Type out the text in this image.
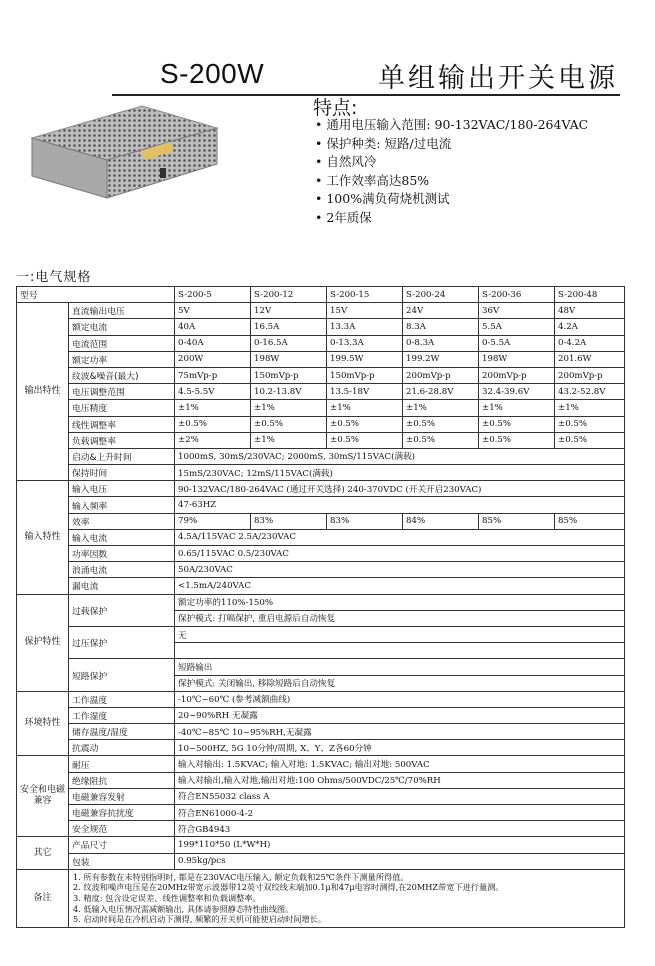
S-200W	单组输出开关电源
特点:
• 通用电压输入范围: 90-132VAC/180-264VAC
• 保护种类: 短路/过电流
• 自然风冷
• 工作效率高达85%
• 100%满负荷烧机测试
• 2年质保
一:电气规格
型号		S-200-5	S-200-12	S-200-15	S-200-24	S-200-36	S-200-48
输出特性	直流输出电压	5V	12V	15V	24V	36V	48V
	额定电流	40A	16.5A	13.3A	8.3A	5.5A	4.2A
	电流范围	0-40A	0-16.5A	0-13.3A	0-8.3A	0-5.5A	0-4.2A
	额定功率	200W	198W	199.5W	199.2W	198W	201.6W
	纹波&噪音(最大)	75mVp-p	150mVp-p	150mVp-p	200mVp-p	200mVp-p	200mVp-p
	电压调整范围	4.5-5.5V	10.2-13.8V	13.5-18V	21.6-28.8V	32.4-39.6V	43.2-52.8V
	电压精度	±1%	±1%	±1%	±1%	±1%	±1%
	线性调整率	±0.5%	±0.5%	±0.5%	±0.5%	±0.5%	±0.5%
	负载调整率	±2%	±1%	±0.5%	±0.5%	±0.5%	±0.5%
	启动&上升时间	1000mS, 30mS/230VAC; 2000mS, 30mS/115VAC(满载)					
	保持时间	15mS/230VAC; 12mS/115VAC(满载)					
输入特性	输入电压	90-132VAC/180-264VAC (通过开关选择) 240-370VDC (开关开启230VAC)					
	输入频率	47-63HZ					
	效率	79%	83%	83%	84%	85%	85%
	输入电流	4.5A/115VAC 2.5A/230VAC					
	功率因数	0.65/115VAC 0.5/230VAC					
	浪涌电流	50A/230VAC					
	漏电流	<1.5mA/240VAC					
保护特性	过载保护	额定功率的110%-150%					
		保护模式: 打嗝保护, 重启电源后自动恢复					
	过压保护	无					

	短路保护	短路输出					
		保护模式: 关闭输出, 移除短路后自动恢复					
环境特性	工作温度	-10℃~60℃ (参考减额曲线)					
	工作湿度	20~90%RH 无凝露					
	储存温度/湿度	-40℃~85℃ 10~95%RH,无凝露					
	抗震动	10~500HZ, 5G 10分钟/周期, X、Y、Z各60分钟					
安全和电磁兼容	耐压	输入对输出: 1.5KVAC; 输入对地: 1.5KVAC; 输出对地: 500VAC					
	绝缘阻抗	输入对输出,输入对地,输出对地:100 Ohms/500VDC/25℃/70%RH					
	电磁兼容发射	符合EN55032 class A					
	电磁兼容抗扰度	符合EN61000-4-2					
	安全规范	符合GB4943					
其它	产品尺寸	199*110*50 (L*W*H)					
	包装	0.95kg/pcs					
备注	1. 所有参数在未特别指明时, 都是在230VAC电压输入, 额定负载和25℃条件下测量所得值。
2. 纹波和噪声电压是在20MHz带宽示波器带12英寸双绞线末端加0.1μ和47μ电容时测得,在20MHZ带宽下进行量测。
3. 精度: 包含设定误差、线性调整率和负载调整率。
4. 低输入电压情况需减额输出, 具体请参照静态特性曲线图。
5. 启动时间是在冷机启动下测得, 频繁的开关机可能使启动时间增长。						
